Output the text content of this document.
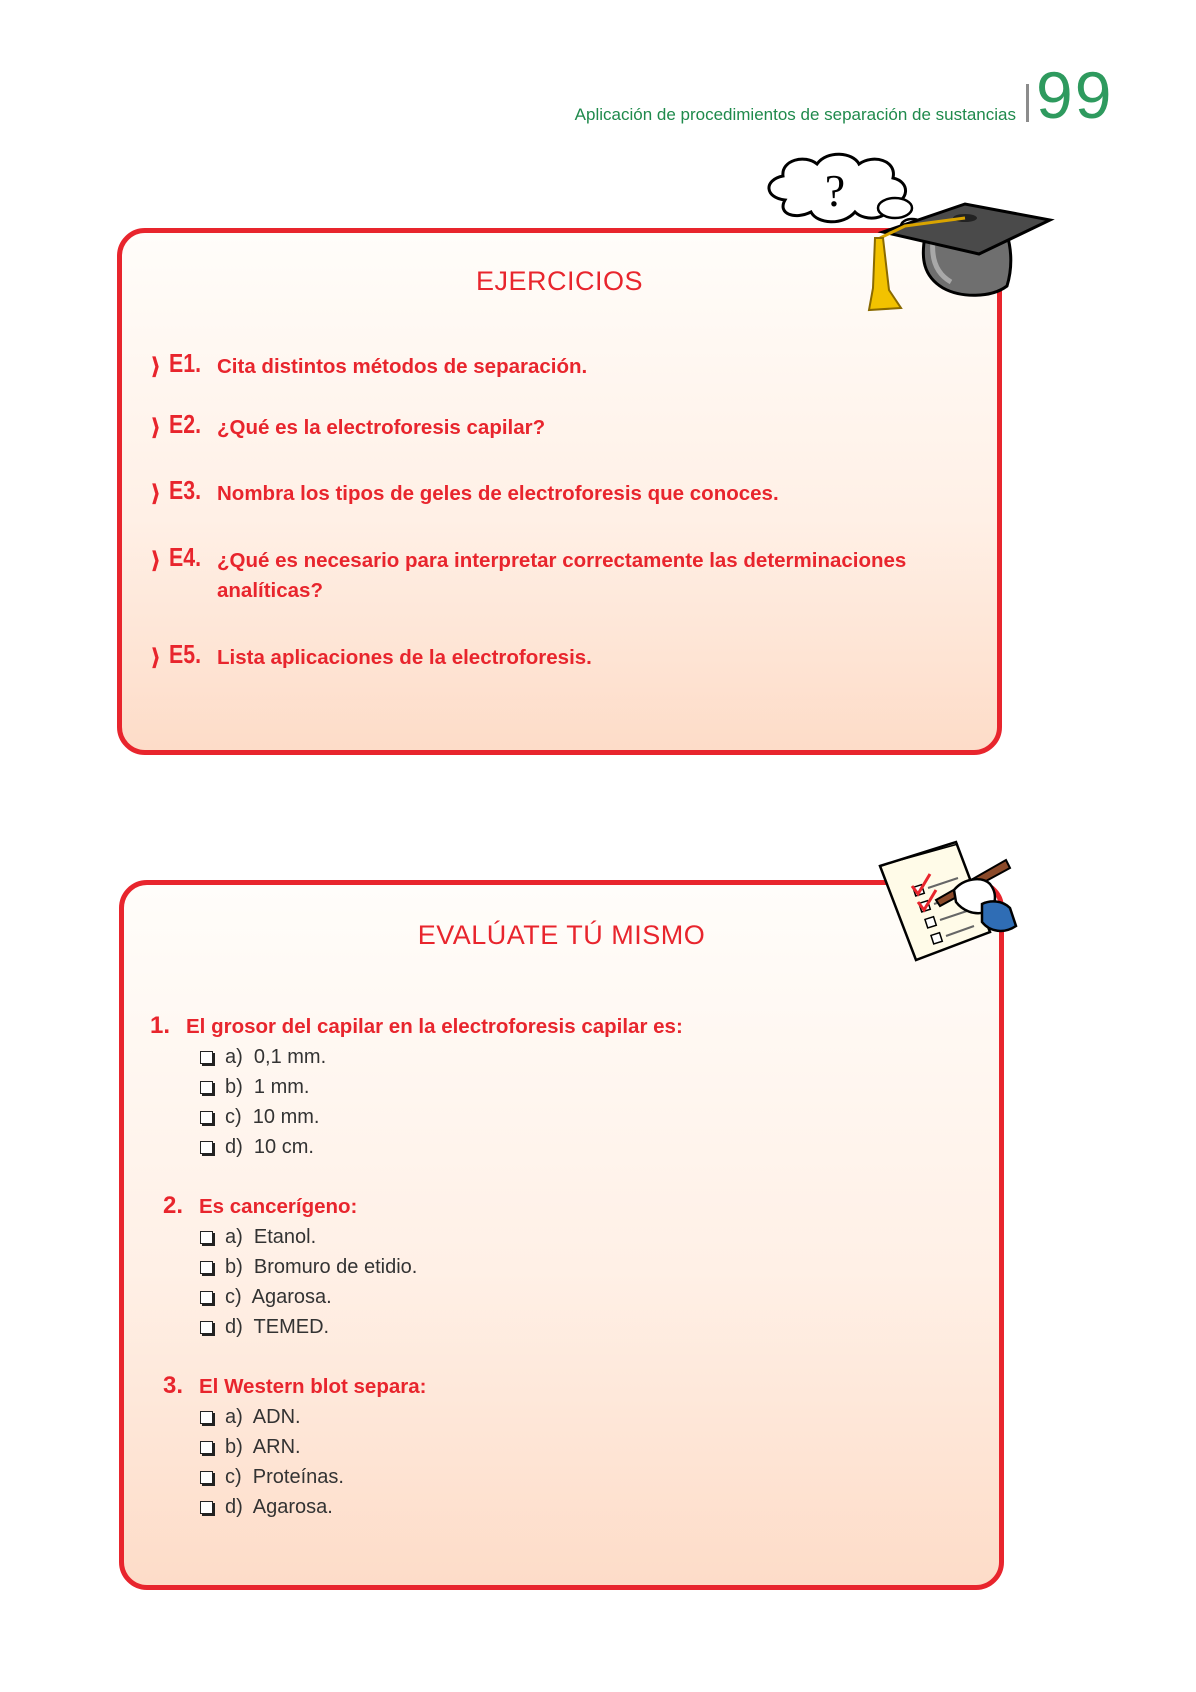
Aplicación de procedimientos de separación de sustancias 99
EJERCICIOS
❱ E1. Cita distintos métodos de separación.
❱ E2. ¿Qué es la electroforesis capilar?
❱ E3. Nombra los tipos de geles de electroforesis que conoces.
❱ E4. ¿Qué es necesario para interpretar correctamente las determinaciones analíticas?
❱ E5. Lista aplicaciones de la electroforesis.
EVALÚATE TÚ MISMO
1. El grosor del capilar en la electroforesis capilar es:
a)  0,1 mm.
b)  1 mm.
c)  10 mm.
d)  10 cm.
2. Es cancerígeno:
a)  Etanol.
b)  Bromuro de etidio.
c)  Agarosa.
d)  TEMED.
3. El Western blot separa:
a)  ADN.
b)  ARN.
c)  Proteínas.
d)  Agarosa.
?
